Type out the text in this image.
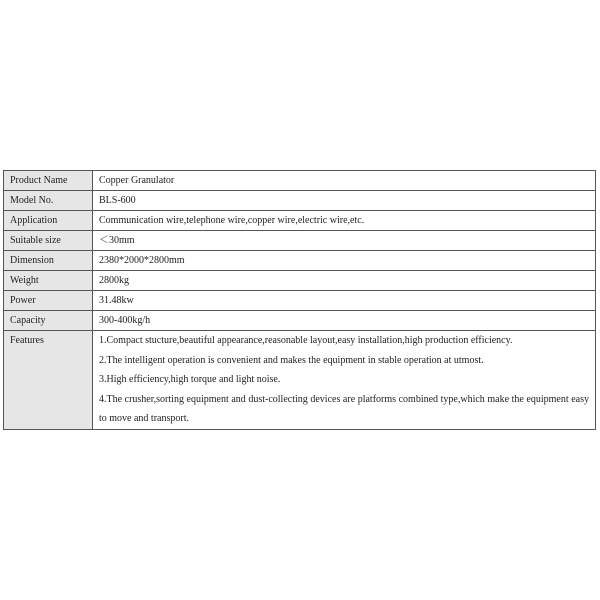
Product Name	Copper Granulator
Model No.	BLS-600
Application	Communication wire,telephone wire,copper wire,electric wire,etc.
Suitable size	＜30mm
Dimension	2380*2000*2800mm
Weight	2800kg
Power	31.48kw
Capacity	300-400kg/h
Features	1.Compact stucture,beautiful appearance,reasonable layout,easy installation,high production efficiency.
2.The intelligent operation is convenient and makes the equipment in stable operation at utmost.
3.High efficiency,high torque and light noise.
4.The crusher,sorting equipment and dust-collecting devices are platforms combined type,which make the equipment easy to move and transport.
